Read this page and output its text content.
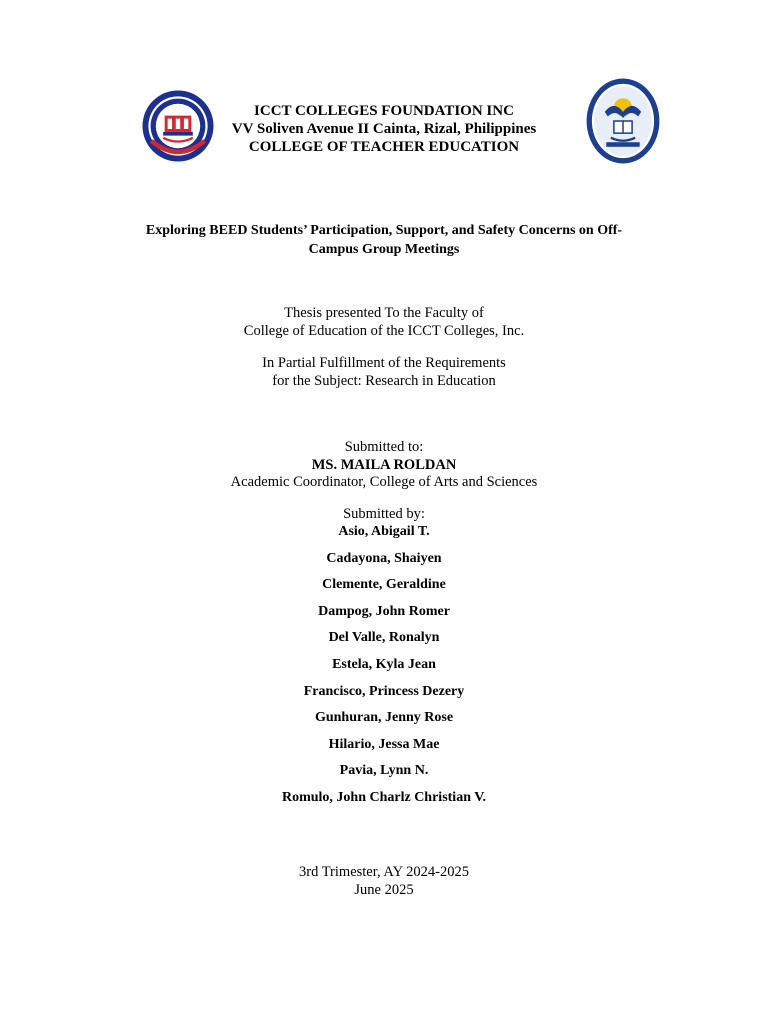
ICCT COLLEGES FOUNDATION INC
VV Soliven Avenue II Cainta, Rizal, Philippines
COLLEGE OF TEACHER EDUCATION
Exploring BEED Students’ Participation, Support, and Safety Concerns on Off-
Campus Group Meetings
Thesis presented To the Faculty of
College of Education of the ICCT Colleges, Inc.
In Partial Fulfillment of the Requirements
for the Subject: Research in Education
Submitted to:
MS. MAILA ROLDAN
Academic Coordinator, College of Arts and Sciences
Submitted by:
Asio, Abigail T.
Cadayona, Shaiyen
Clemente, Geraldine
Dampog, John Romer
Del Valle, Ronalyn
Estela, Kyla Jean
Francisco, Princess Dezery
Gunhuran, Jenny Rose
Hilario, Jessa Mae
Pavia, Lynn N.
Romulo, John Charlz Christian V.
3rd Trimester, AY 2024-2025
June 2025
